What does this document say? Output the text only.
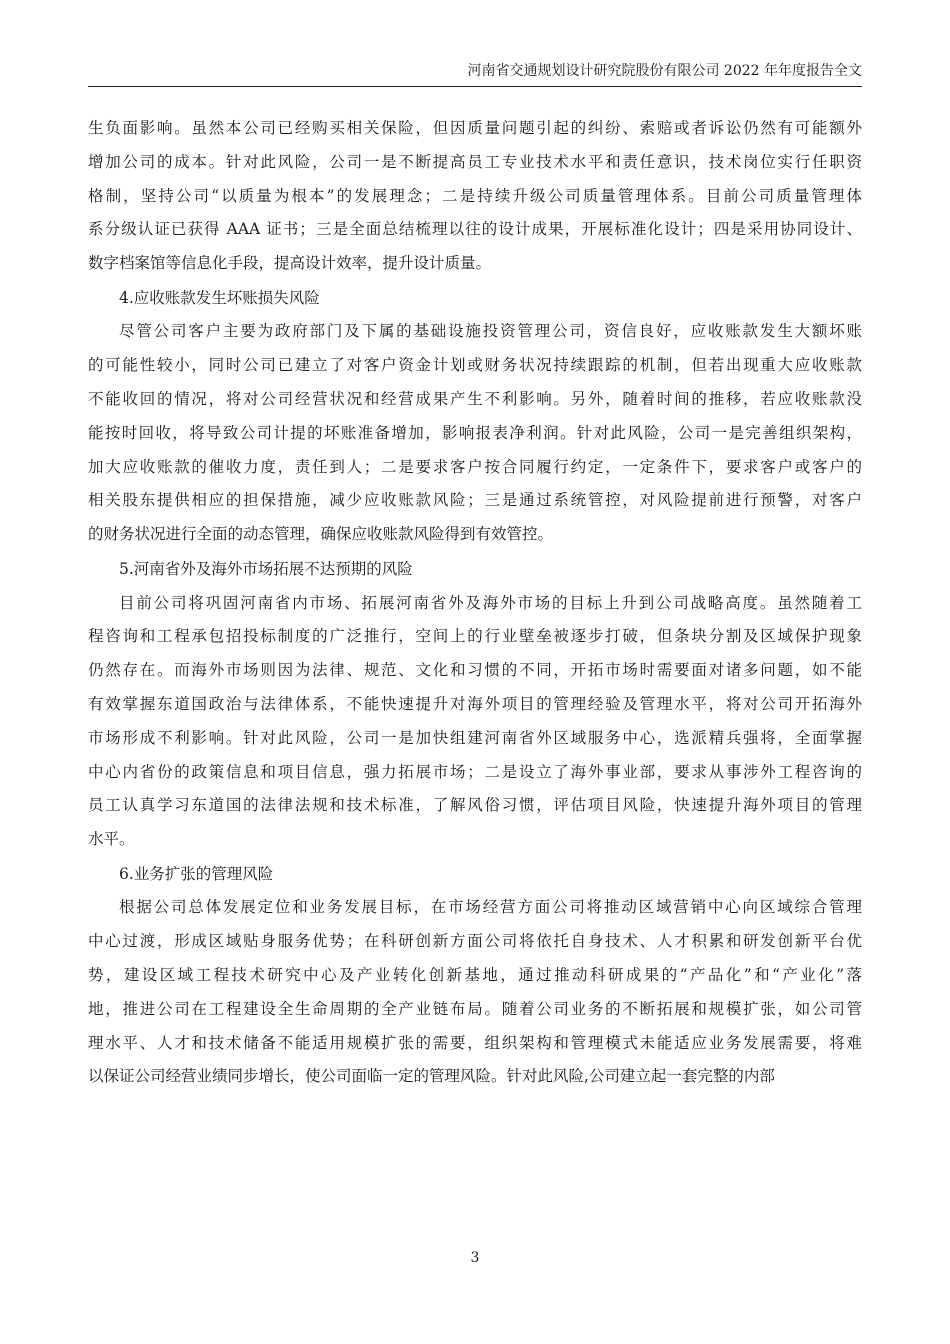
河南省交通规划设计研究院股份有限公司 2022 年年度报告全文
生负面影响。虽然本公司已经购买相关保险，但因质量问题引起的纠纷、索赔或者诉讼仍然有可能额外
增加公司的成本。针对此风险，公司一是不断提高员工专业技术水平和责任意识，技术岗位实行任职资
格制，坚持公司“以质量为根本”的发展理念；二是持续升级公司质量管理体系。目前公司质量管理体
系分级认证已获得 AAA 证书；三是全面总结梳理以往的设计成果，开展标准化设计；四是采用协同设计、
数字档案馆等信息化手段，提高设计效率，提升设计质量。
4.应收账款发生坏账损失风险
尽管公司客户主要为政府部门及下属的基础设施投资管理公司，资信良好，应收账款发生大额坏账
的可能性较小，同时公司已建立了对客户资金计划或财务状况持续跟踪的机制，但若出现重大应收账款
不能收回的情况，将对公司经营状况和经营成果产生不利影响。另外，随着时间的推移，若应收账款没
能按时回收，将导致公司计提的坏账准备增加，影响报表净利润。针对此风险，公司一是完善组织架构，
加大应收账款的催收力度，责任到人；二是要求客户按合同履行约定，一定条件下，要求客户或客户的
相关股东提供相应的担保措施，减少应收账款风险；三是通过系统管控，对风险提前进行预警，对客户
的财务状况进行全面的动态管理，确保应收账款风险得到有效管控。
5.河南省外及海外市场拓展不达预期的风险
目前公司将巩固河南省内市场、拓展河南省外及海外市场的目标上升到公司战略高度。虽然随着工
程咨询和工程承包招投标制度的广泛推行，空间上的行业壁垒被逐步打破，但条块分割及区域保护现象
仍然存在。而海外市场则因为法律、规范、文化和习惯的不同，开拓市场时需要面对诸多问题，如不能
有效掌握东道国政治与法律体系，不能快速提升对海外项目的管理经验及管理水平，将对公司开拓海外
市场形成不利影响。针对此风险，公司一是加快组建河南省外区域服务中心，选派精兵强将，全面掌握
中心内省份的政策信息和项目信息，强力拓展市场；二是设立了海外事业部，要求从事涉外工程咨询的
员工认真学习东道国的法律法规和技术标准，了解风俗习惯，评估项目风险，快速提升海外项目的管理
水平。
6.业务扩张的管理风险
根据公司总体发展定位和业务发展目标，在市场经营方面公司将推动区域营销中心向区域综合管理
中心过渡，形成区域贴身服务优势；在科研创新方面公司将依托自身技术、人才积累和研发创新平台优
势，建设区域工程技术研究中心及产业转化创新基地，通过推动科研成果的“产品化”和“产业化”落
地，推进公司在工程建设全生命周期的全产业链布局。随着公司业务的不断拓展和规模扩张，如公司管
理水平、人才和技术储备不能适用规模扩张的需要，组织架构和管理模式未能适应业务发展需要，将难
以保证公司经营业绩同步增长，使公司面临一定的管理风险。针对此风险,公司建立起一套完整的内部
3
